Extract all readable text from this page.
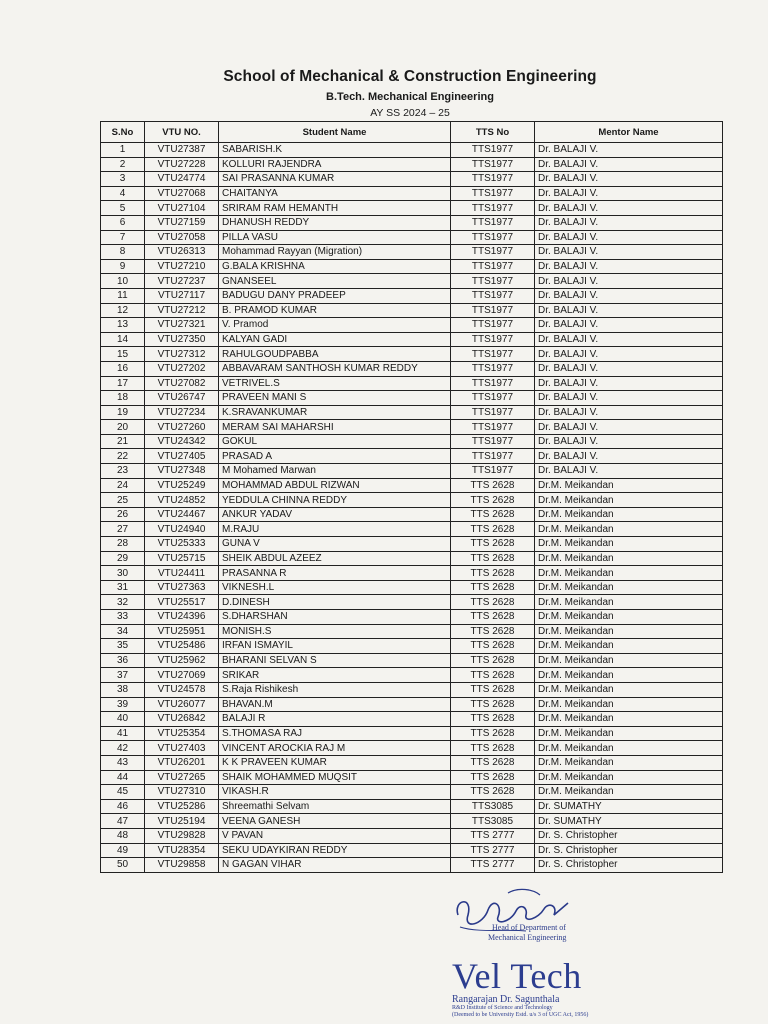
School of Mechanical & Construction Engineering
B.Tech. Mechanical Engineering
AY SS 2024 – 25
S.No	VTU NO.	Student Name	TTS No	Mentor Name
1	VTU27387	SABARISH.K	TTS1977	Dr. BALAJI V.
2	VTU27228	KOLLURI RAJENDRA	TTS1977	Dr. BALAJI V.
3	VTU24774	SAI PRASANNA KUMAR	TTS1977	Dr. BALAJI V.
4	VTU27068	CHAITANYA	TTS1977	Dr. BALAJI V.
5	VTU27104	SRIRAM RAM HEMANTH	TTS1977	Dr. BALAJI V.
6	VTU27159	DHANUSH REDDY	TTS1977	Dr. BALAJI V.
7	VTU27058	PILLA VASU	TTS1977	Dr. BALAJI V.
8	VTU26313	Mohammad Rayyan (Migration)	TTS1977	Dr. BALAJI V.
9	VTU27210	G.BALA KRISHNA	TTS1977	Dr. BALAJI V.
10	VTU27237	GNANSEEL	TTS1977	Dr. BALAJI V.
11	VTU27117	BADUGU DANY PRADEEP	TTS1977	Dr. BALAJI V.
12	VTU27212	B. PRAMOD KUMAR	TTS1977	Dr. BALAJI V.
13	VTU27321	V. Pramod	TTS1977	Dr. BALAJI V.
14	VTU27350	KALYAN GADI	TTS1977	Dr. BALAJI V.
15	VTU27312	RAHULGOUDPABBA	TTS1977	Dr. BALAJI V.
16	VTU27202	ABBAVARAM SANTHOSH KUMAR REDDY	TTS1977	Dr. BALAJI V.
17	VTU27082	VETRIVEL.S	TTS1977	Dr. BALAJI V.
18	VTU26747	PRAVEEN MANI S	TTS1977	Dr. BALAJI V.
19	VTU27234	K.SRAVANKUMAR	TTS1977	Dr. BALAJI V.
20	VTU27260	MERAM SAI MAHARSHI	TTS1977	Dr. BALAJI V.
21	VTU24342	GOKUL	TTS1977	Dr. BALAJI V.
22	VTU27405	PRASAD A	TTS1977	Dr. BALAJI V.
23	VTU27348	M Mohamed Marwan	TTS1977	Dr. BALAJI V.
24	VTU25249	MOHAMMAD ABDUL RIZWAN	TTS 2628	Dr.M. Meikandan
25	VTU24852	YEDDULA CHINNA REDDY	TTS 2628	Dr.M. Meikandan
26	VTU24467	ANKUR YADAV	TTS 2628	Dr.M. Meikandan
27	VTU24940	M.RAJU	TTS 2628	Dr.M. Meikandan
28	VTU25333	GUNA V	TTS 2628	Dr.M. Meikandan
29	VTU25715	SHEIK ABDUL AZEEZ	TTS 2628	Dr.M. Meikandan
30	VTU24411	PRASANNA R	TTS 2628	Dr.M. Meikandan
31	VTU27363	VIKNESH.L	TTS 2628	Dr.M. Meikandan
32	VTU25517	D.DINESH	TTS 2628	Dr.M. Meikandan
33	VTU24396	S.DHARSHAN	TTS 2628	Dr.M. Meikandan
34	VTU25951	MONISH.S	TTS 2628	Dr.M. Meikandan
35	VTU25486	IRFAN ISMAYIL	TTS 2628	Dr.M. Meikandan
36	VTU25962	BHARANI SELVAN S	TTS 2628	Dr.M. Meikandan
37	VTU27069	SRIKAR	TTS 2628	Dr.M. Meikandan
38	VTU24578	S.Raja Rishikesh	TTS 2628	Dr.M. Meikandan
39	VTU26077	BHAVAN.M	TTS 2628	Dr.M. Meikandan
40	VTU26842	BALAJI R	TTS 2628	Dr.M. Meikandan
41	VTU25354	S.THOMASA RAJ	TTS 2628	Dr.M. Meikandan
42	VTU27403	VINCENT AROCKIA RAJ M	TTS 2628	Dr.M. Meikandan
43	VTU26201	K K PRAVEEN KUMAR	TTS 2628	Dr.M. Meikandan
44	VTU27265	SHAIK MOHAMMED MUQSIT	TTS 2628	Dr.M. Meikandan
45	VTU27310	VIKASH.R	TTS 2628	Dr.M. Meikandan
46	VTU25286	Shreemathi Selvam	TTS3085	Dr. SUMATHY
47	VTU25194	VEENA GANESH	TTS3085	Dr. SUMATHY
48	VTU29828	V PAVAN	TTS 2777	Dr. S. Christopher
49	VTU28354	SEKU UDAYKIRAN REDDY	TTS 2777	Dr. S. Christopher
50	VTU29858	N GAGAN VIHAR	TTS 2777	Dr. S. Christopher
Head of Department of
Mechanical Engineering
Vel Tech
Rangarajan Dr. Sagunthala
R&D Institute of Science and Technology
(Deemed to be University Estd. u/s 3 of UGC Act, 1956)
